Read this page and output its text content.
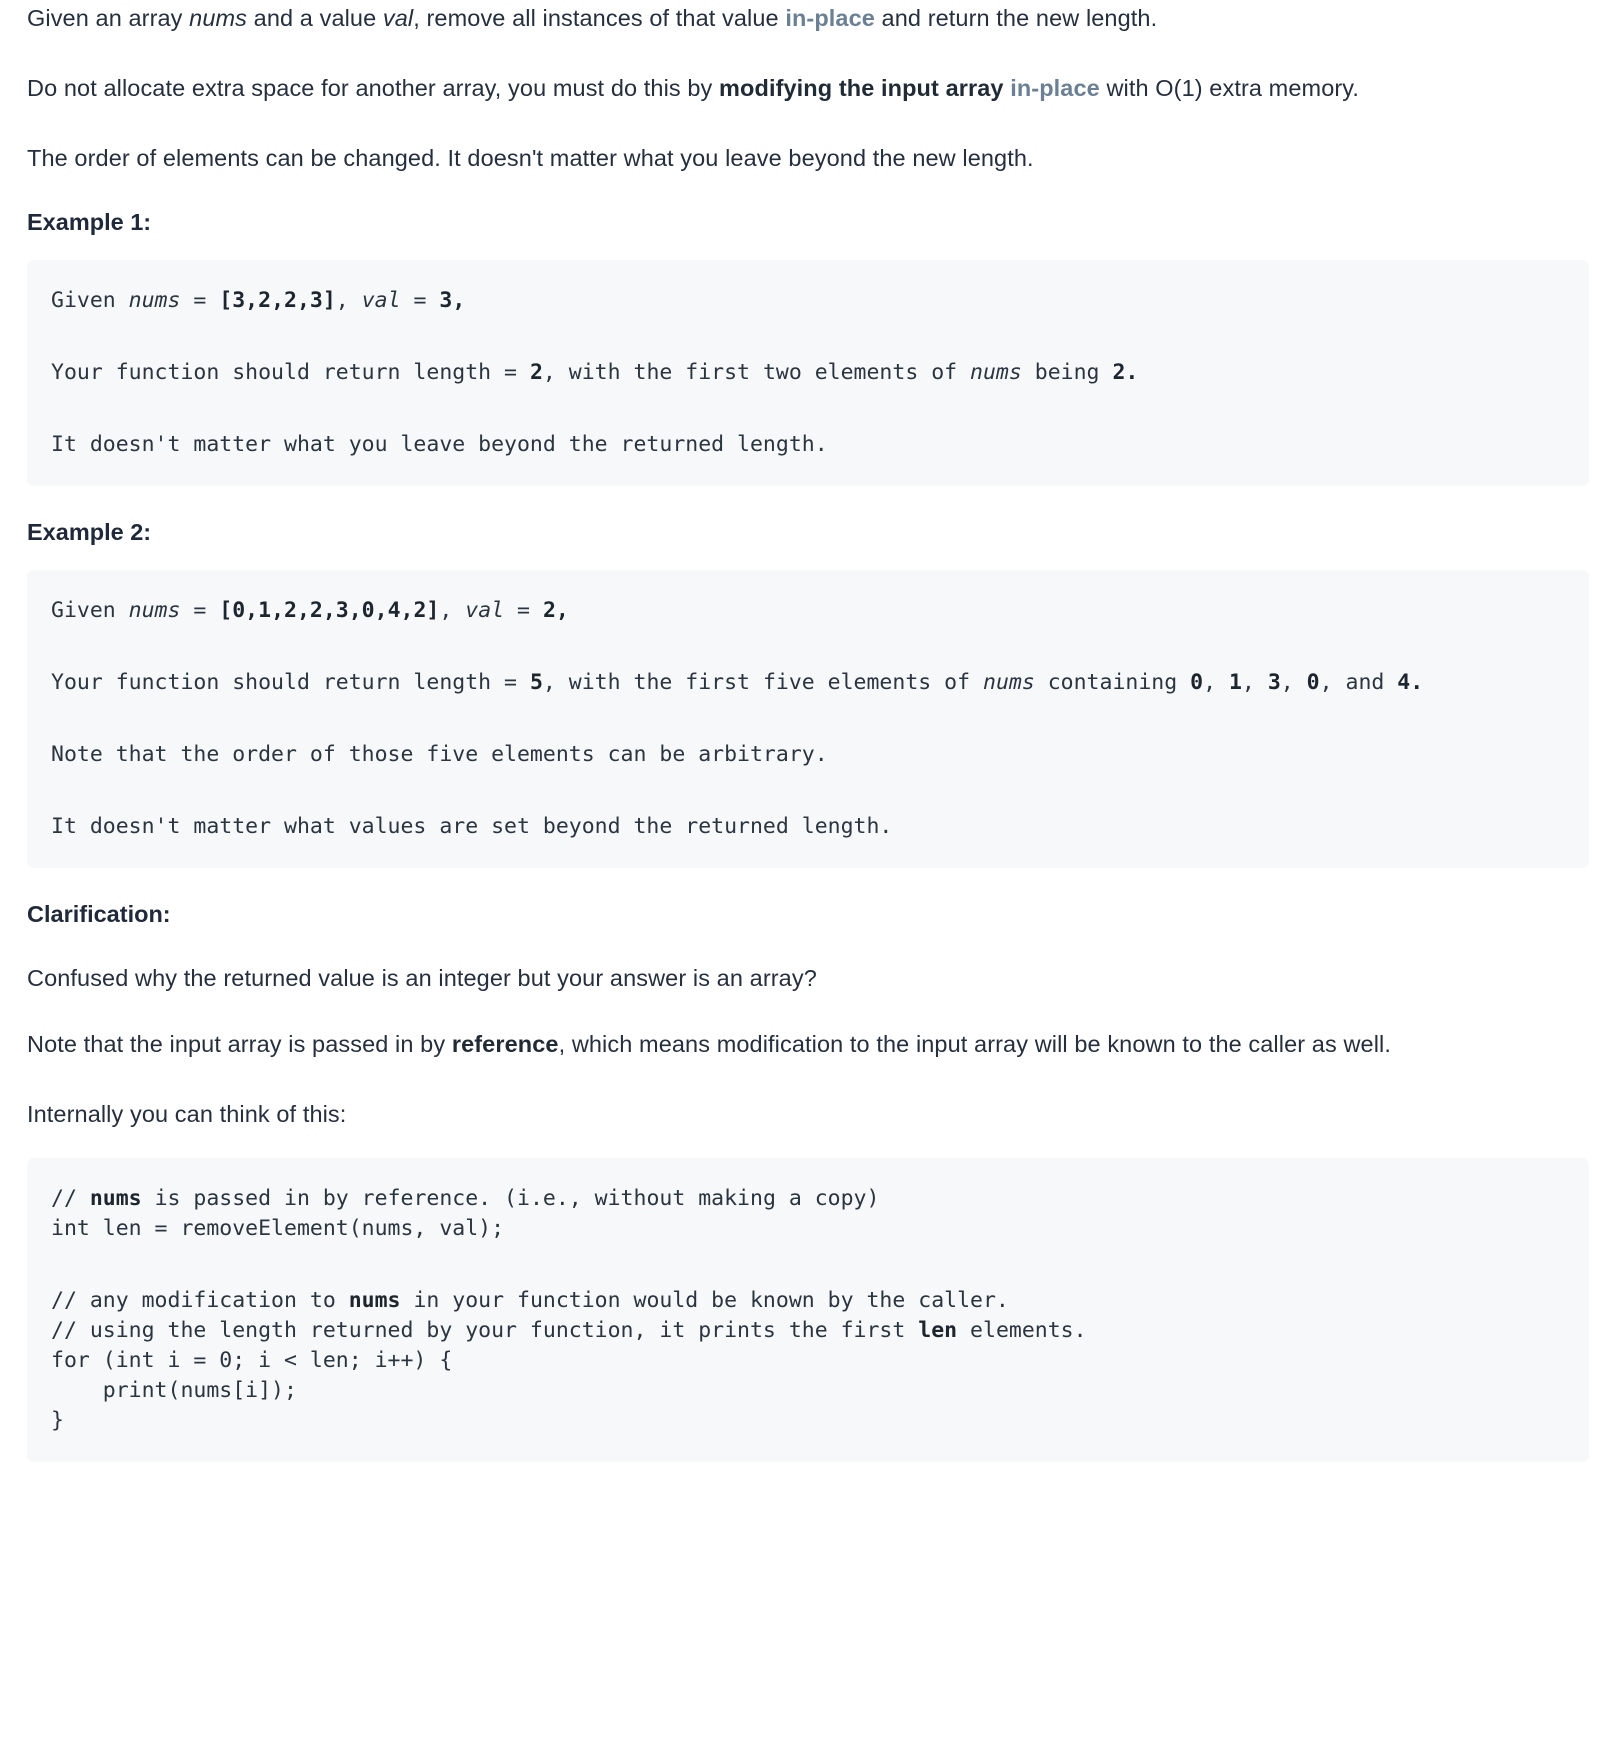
Given an array nums and a value val, remove all instances of that value in-place and return the new length.

Do not allocate extra space for another array, you must do this by modifying the input array in-place with O(1) extra memory.

The order of elements can be changed. It doesn't matter what you leave beyond the new length.

Example 1:
Given nums = [3,2,2,3], val = 3,
Your function should return length = 2, with the first two elements of nums being 2.
It doesn't matter what you leave beyond the returned length.
Example 2:
Given nums = [0,1,2,2,3,0,4,2], val = 2,
Your function should return length = 5, with the first five elements of nums containing 0, 1, 3, 0, and 4.
Note that the order of those five elements can be arbitrary.
It doesn't matter what values are set beyond the returned length.
Clarification:

Confused why the returned value is an integer but your answer is an array?

Note that the input array is passed in by reference, which means modification to the input array will be known to the caller as well.

Internally you can think of this:

// nums is passed in by reference. (i.e., without making a copy)
int len = removeElement(nums, val);
// any modification to nums in your function would be known by the caller.
// using the length returned by your function, it prints the first len elements.
for (int i = 0; i < len; i++) {
print(nums[i]);
}
